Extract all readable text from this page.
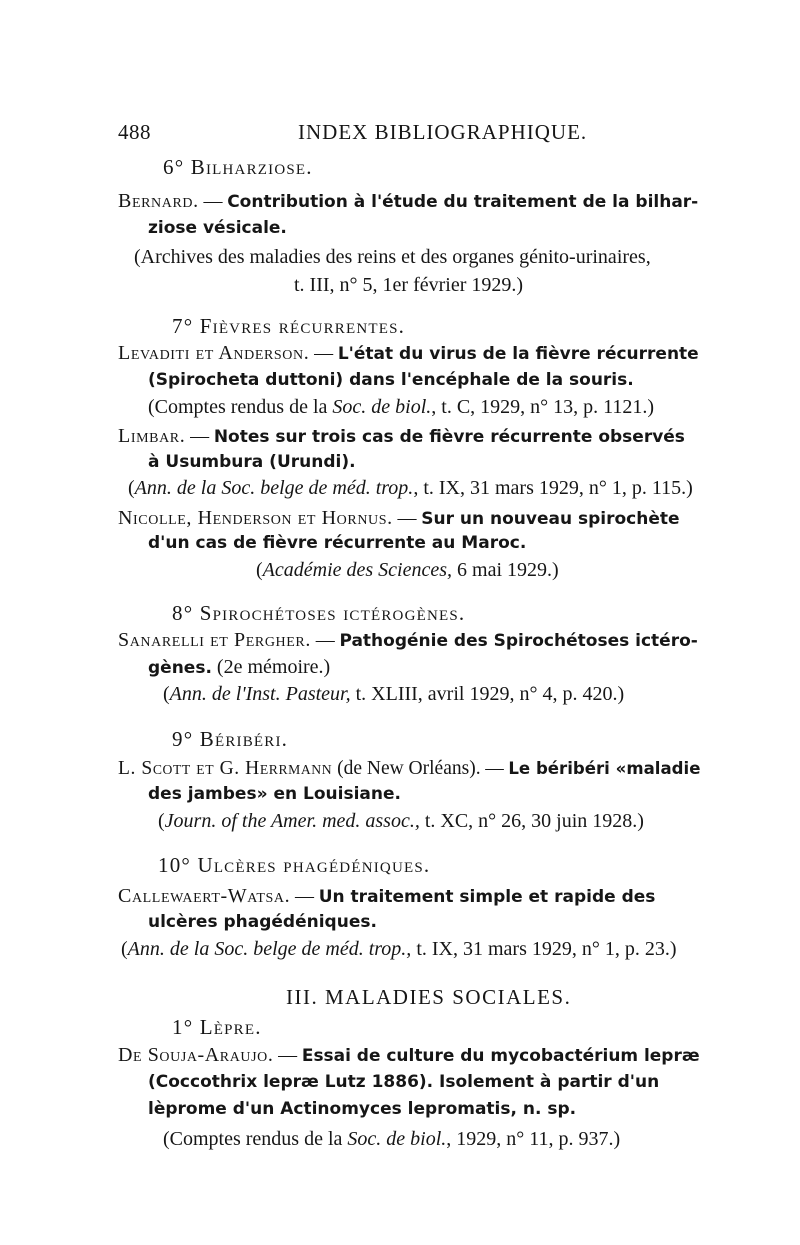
488	INDEX BIBLIOGRAPHIQUE.
6° Bilharziose.
Bernard. — Contribution à l'étude du traitement de la bilhar-
ziose vésicale.
(Archives des maladies des reins et des organes génito-urinaires,
t. III, n° 5, 1er février 1929.)
7° Fièvres récurrentes.
Levaditi et Anderson. — L'état du virus de la fièvre récurrente
(Spirocheta duttoni) dans l'encéphale de la souris.
(Comptes rendus de la Soc. de biol., t. C, 1929, n° 13, p. 1121.)
Limbar. — Notes sur trois cas de fièvre récurrente observés
à Usumbura (Urundi).
(Ann. de la Soc. belge de méd. trop., t. IX, 31 mars 1929, n° 1, p. 115.)
Nicolle, Henderson et Hornus. — Sur un nouveau spirochète
d'un cas de fièvre récurrente au Maroc.
(Académie des Sciences, 6 mai 1929.)
8° Spirochétoses ictérogènes.
Sanarelli et Pergher. — Pathogénie des Spirochétoses ictéro-
gènes. (2e mémoire.)
(Ann. de l'Inst. Pasteur, t. XLIII, avril 1929, n° 4, p. 420.)
9° Béribéri.
L. Scott et G. Herrmann (de New Orléans). — Le béribéri «maladie
des jambes» en Louisiane.
(Journ. of the Amer. med. assoc., t. XC, n° 26, 30 juin 1928.)
10° Ulcères phagédéniques.
Callewaert-Watsa. — Un traitement simple et rapide des
ulcères phagédéniques.
(Ann. de la Soc. belge de méd. trop., t. IX, 31 mars 1929, n° 1, p. 23.)
III. MALADIES SOCIALES.
1° Lèpre.
De Souja-Araujo. — Essai de culture du mycobactérium lepræ
(Coccothrix lepræ Lutz 1886). Isolement à partir d'un
lèprome d'un Actinomyces lepromatis, n. sp.
(Comptes rendus de la Soc. de biol., 1929, n° 11, p. 937.)
